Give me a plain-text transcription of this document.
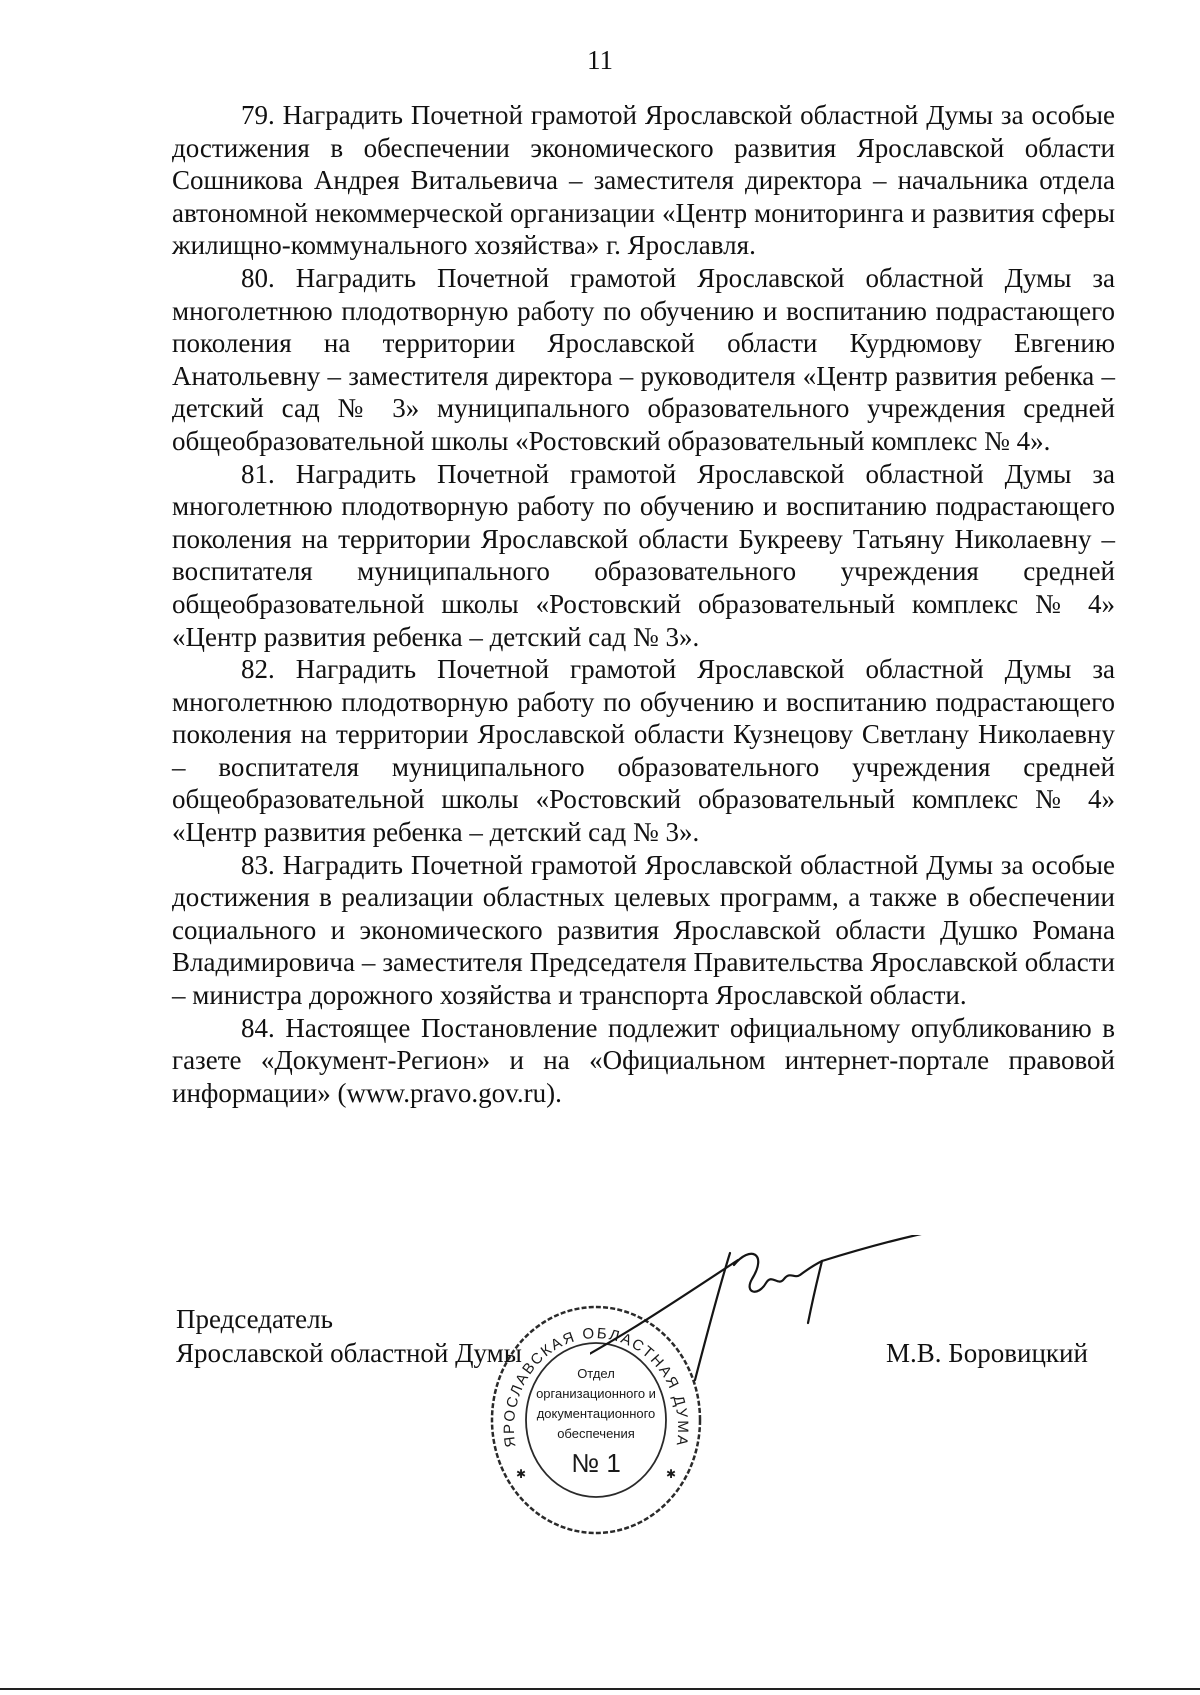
11

79. Наградить Почетной грамотой Ярославской областной Думы за особые достижения в обеспечении экономического развития Ярославской области Сошникова Андрея Витальевича – заместителя директора – начальника отдела автономной некоммерческой организации «Центр мониторинга и развития сферы жилищно-коммунального хозяйства» г. Ярославля.

80. Наградить Почетной грамотой Ярославской областной Думы за многолетнюю плодотворную работу по обучению и воспитанию подрастающего поколения на территории Ярославской области Курдюмову Евгению Анатольевну – заместителя директора – руководителя «Центр развития ребенка – детский сад № 3» муниципального образовательного учреждения средней общеобразовательной школы «Ростовский образовательный комплекс № 4».

81. Наградить Почетной грамотой Ярославской областной Думы за многолетнюю плодотворную работу по обучению и воспитанию подрастающего поколения на территории Ярославской области Букрееву Татьяну Николаевну – воспитателя муниципального образовательного учреждения средней общеобразовательной школы «Ростовский образовательный комплекс № 4» «Центр развития ребенка – детский сад № 3».

82. Наградить Почетной грамотой Ярославской областной Думы за многолетнюю плодотворную работу по обучению и воспитанию подрастающего поколения на территории Ярославской области Кузнецову Светлану Николаевну – воспитателя муниципального образовательного учреждения средней общеобразовательной школы «Ростовский образовательный комплекс № 4» «Центр развития ребенка – детский сад № 3».

83. Наградить Почетной грамотой Ярославской областной Думы за особые достижения в реализации областных целевых программ, а также в обеспечении социального и экономического развития Ярославской области Душко Романа Владимировича – заместителя Председателя Правительства Ярославской области – министра дорожного хозяйства и транспорта Ярославской области.

84. Настоящее Постановление подлежит официальному опубликованию в газете «Документ-Регион» и на «Официальном интернет-портале правовой информации» (www.pravo.gov.ru).

Председатель
Ярославской областной Думы	М.В. Боровицкий
ЯРОСЛАВСКАЯ ОБЛАСТНАЯ ДУМА
Отдел
организационного и
документационного
обеспечения
№ 1
✱	✱
